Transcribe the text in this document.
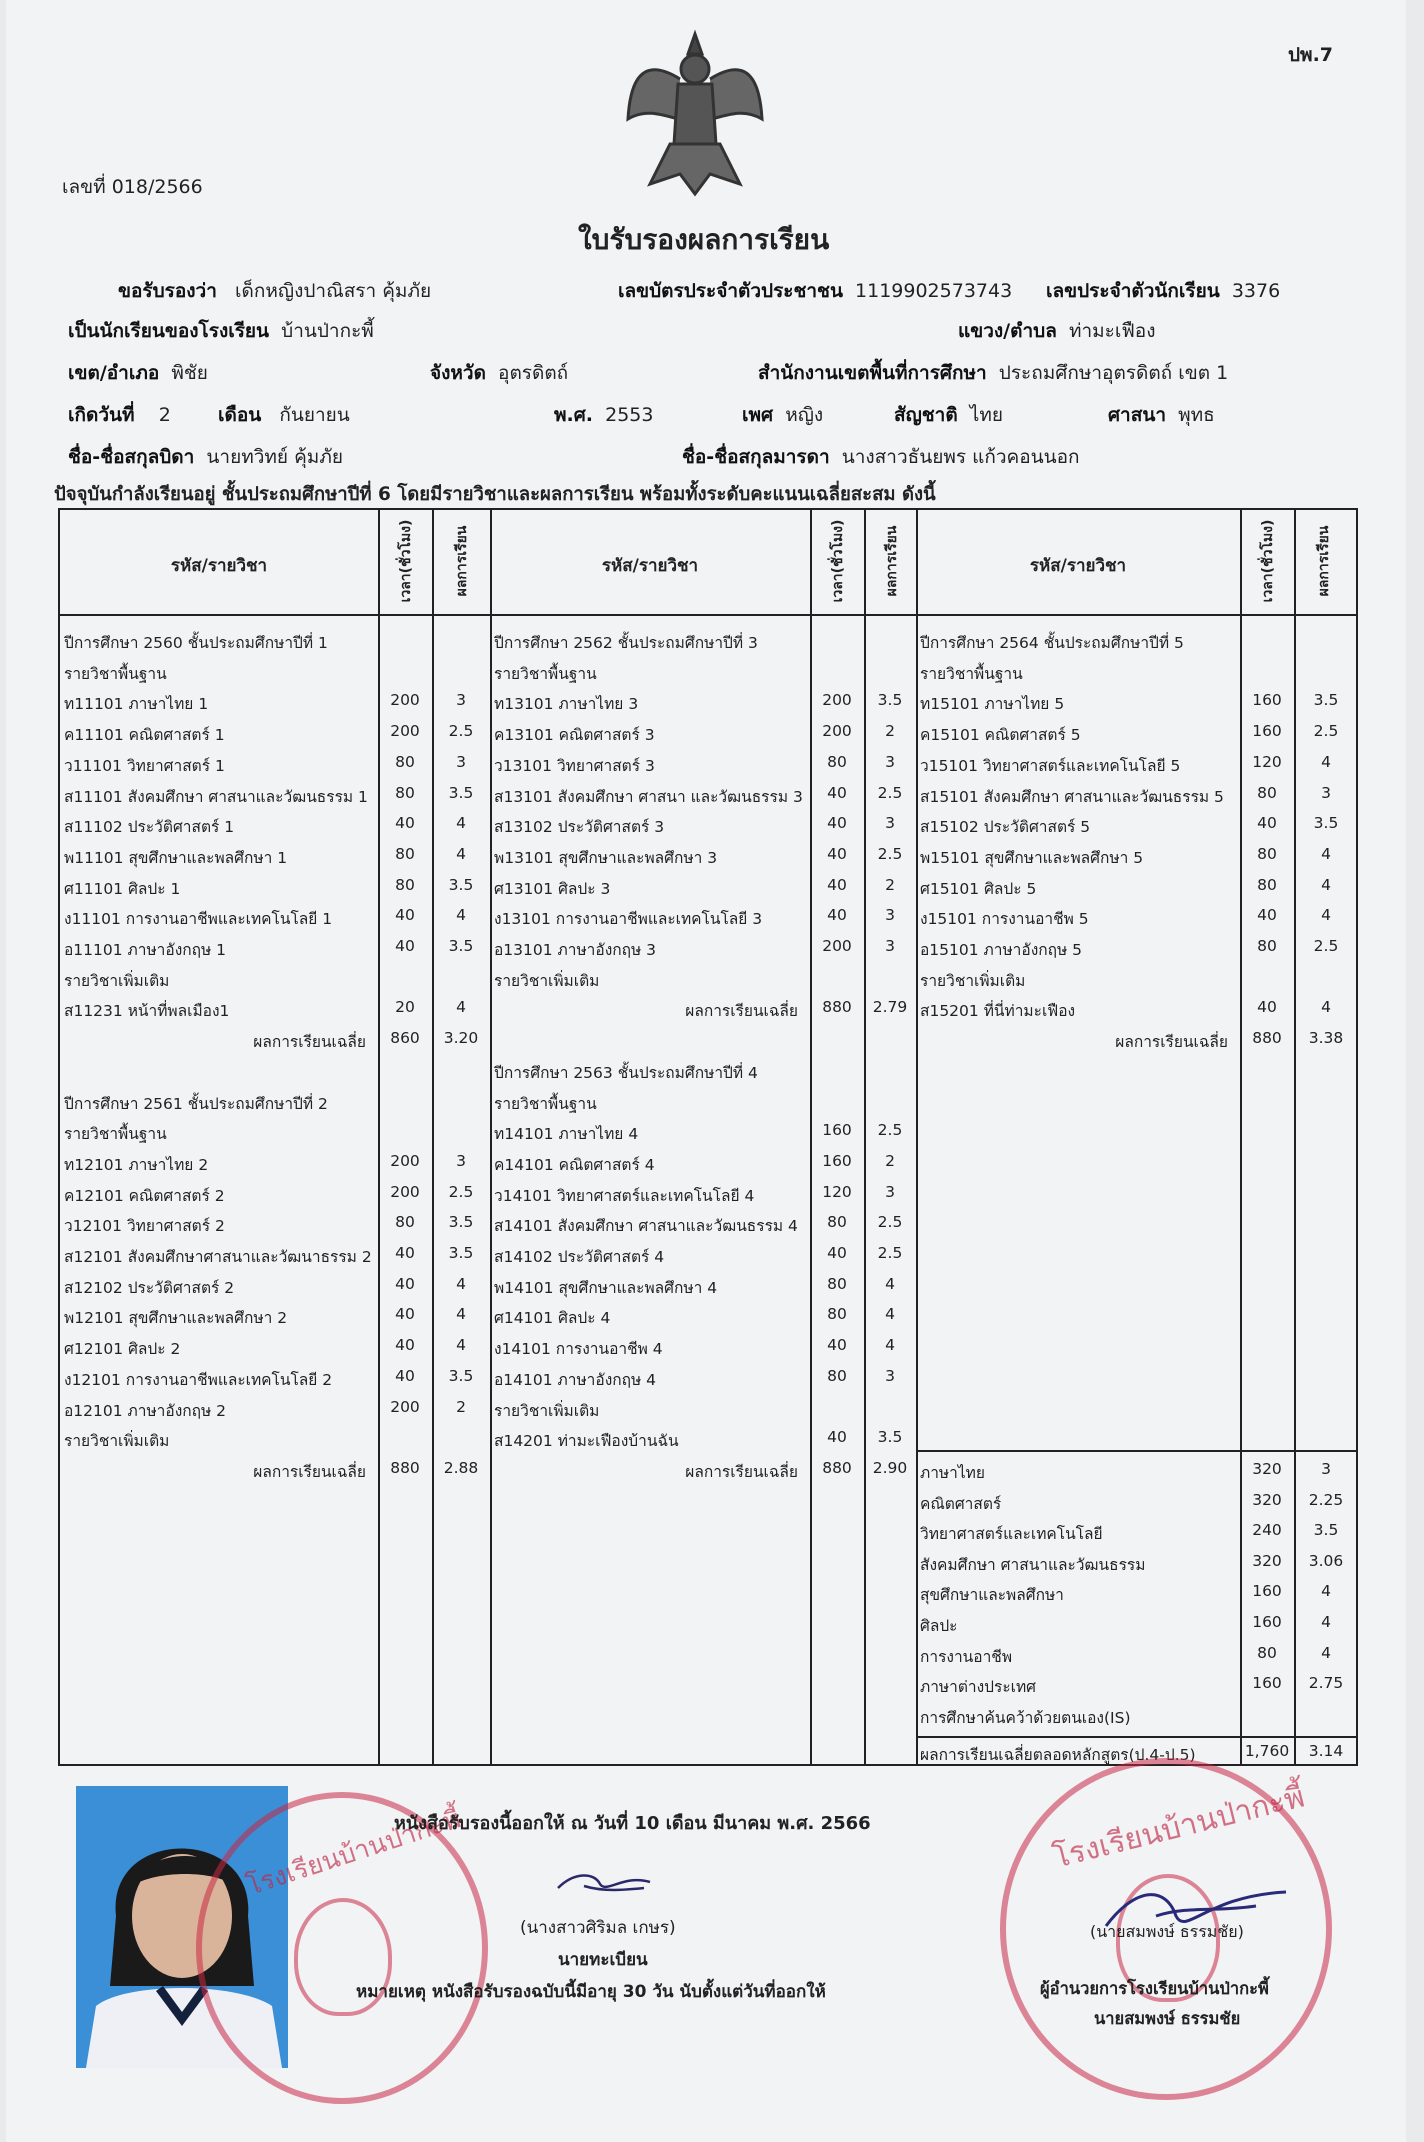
ปพ.7
เลขที่ 018/2566
ใบรับรองผลการเรียน
ขอรับรองว่า เด็กหญิงปาณิสรา คุ้มภัย	เลขบัตรประจำตัวประชาชน 1119902573743 เลขประจำตัวนักเรียน 3376
เป็นนักเรียนของโรงเรียน บ้านป่ากะพี้	แขวง/ตำบล ท่ามะเฟือง
เขต/อำเภอ พิชัย	จังหวัด อุตรดิตถ์	สำนักงานเขตพื้นที่การศึกษา ประถมศึกษาอุตรดิตถ์ เขต 1
เกิดวันที่ 2 เดือน กันยายน	พ.ศ. 2553	เพศ หญิง	สัญชาติ ไทย	ศาสนา พุทธ
ชื่อ-ชื่อสกุลบิดา นายทวิทย์ คุ้มภัย	ชื่อ-ชื่อสกุลมารดา นางสาวธันยพร แก้วคอนนอก
ปัจจุบันกำลังเรียนอยู่ ชั้นประถมศึกษาปีที่ 6 โดยมีรายวิชาและผลการเรียน พร้อมทั้งระดับคะแนนเฉลี่ยสะสม ดังนี้
รหัส/รายวิชา	รหัส/รายวิชา	รหัส/รายวิชา
เวลา(ชั่วโมง)	ผลการเรียน	เวลา(ชั่วโมง)	ผลการเรียน	เวลา(ชั่วโมง)	ผลการเรียน
ปีการศึกษา 2560 ชั้นประถมศึกษาปีที่ 1
รายวิชาพื้นฐาน
ท11101 ภาษาไทย 1	200	3
ค11101 คณิตศาสตร์ 1	200	2.5
ว11101 วิทยาศาสตร์ 1	80	3
ส11101 สังคมศึกษา ศาสนาและวัฒนธรรม 1	80	3.5
ส11102 ประวัติศาสตร์ 1	40	4
พ11101 สุขศึกษาและพลศึกษา 1	80	4
ศ11101 ศิลปะ 1	80	3.5
ง11101 การงานอาชีพและเทคโนโลยี 1	40	4
อ11101 ภาษาอังกฤษ 1	40	3.5
รายวิชาเพิ่มเติม
ส11231 หน้าที่พลเมือง1	20	4
ผลการเรียนเฉลี่ย	860	3.20
ปีการศึกษา 2561 ชั้นประถมศึกษาปีที่ 2
รายวิชาพื้นฐาน
ท12101 ภาษาไทย 2	200	3
ค12101 คณิตศาสตร์ 2	200	2.5
ว12101 วิทยาศาสตร์ 2	80	3.5
ส12101 สังคมศึกษาศาสนาและวัฒนาธรรม 2	40	3.5
ส12102 ประวัติศาสตร์ 2	40	4
พ12101 สุขศึกษาและพลศึกษา 2	40	4
ศ12101 ศิลปะ 2	40	4
ง12101 การงานอาชีพและเทคโนโลยี 2	40	3.5
อ12101 ภาษาอังกฤษ 2	200	2
รายวิชาเพิ่มเติม
ผลการเรียนเฉลี่ย	880	2.88
ปีการศึกษา 2562 ชั้นประถมศึกษาปีที่ 3
รายวิชาพื้นฐาน
ท13101 ภาษาไทย 3	200	3.5
ค13101 คณิตศาสตร์ 3	200	2
ว13101 วิทยาศาสตร์ 3	80	3
ส13101 สังคมศึกษา ศาสนา และวัฒนธรรม 3	40	2.5
ส13102 ประวัติศาสตร์ 3	40	3
พ13101 สุขศึกษาและพลศึกษา 3	40	2.5
ศ13101 ศิลปะ 3	40	2
ง13101 การงานอาชีพและเทคโนโลยี 3	40	3
อ13101 ภาษาอังกฤษ 3	200	3
รายวิชาเพิ่มเติม
ผลการเรียนเฉลี่ย	880	2.79
ปีการศึกษา 2563 ชั้นประถมศึกษาปีที่ 4
รายวิชาพื้นฐาน
ท14101 ภาษาไทย 4	160	2.5
ค14101 คณิตศาสตร์ 4	160	2
ว14101 วิทยาศาสตร์และเทคโนโลยี 4	120	3
ส14101 สังคมศึกษา ศาสนาและวัฒนธรรม 4	80	2.5
ส14102 ประวัติศาสตร์ 4	40	2.5
พ14101 สุขศึกษาและพลศึกษา 4	80	4
ศ14101 ศิลปะ 4	80	4
ง14101 การงานอาชีพ 4	40	4
อ14101 ภาษาอังกฤษ 4	80	3
รายวิชาเพิ่มเติม
ส14201 ท่ามะเฟืองบ้านฉัน	40	3.5
ผลการเรียนเฉลี่ย	880	2.90
ปีการศึกษา 2564 ชั้นประถมศึกษาปีที่ 5
รายวิชาพื้นฐาน
ท15101 ภาษาไทย 5	160	3.5
ค15101 คณิตศาสตร์ 5	160	2.5
ว15101 วิทยาศาสตร์และเทคโนโลยี 5	120	4
ส15101 สังคมศึกษา ศาสนาและวัฒนธรรม 5	80	3
ส15102 ประวัติศาสตร์ 5	40	3.5
พ15101 สุขศึกษาและพลศึกษา 5	80	4
ศ15101 ศิลปะ 5	80	4
ง15101 การงานอาชีพ 5	40	4
อ15101 ภาษาอังกฤษ 5	80	2.5
รายวิชาเพิ่มเติม
ส15201 ที่นี่ท่ามะเฟือง	40	4
ผลการเรียนเฉลี่ย	880	3.38
ภาษาไทย	320	3
คณิตศาสตร์	320	2.25
วิทยาศาสตร์และเทคโนโลยี	240	3.5
สังคมศึกษา ศาสนาและวัฒนธรรม	320	3.06
สุขศึกษาและพลศึกษา	160	4
ศิลปะ	160	4
การงานอาชีพ	80	4
ภาษาต่างประเทศ	160	2.75
การศึกษาค้นคว้าด้วยตนเอง(IS)
ผลการเรียนเฉลี่ยตลอดหลักสูตร(ป.4-ป.5)	1,760	3.14
โรงเรียนบ้านป่ากะพี้	โรงเรียนบ้านป่ากะพี้
หนังสือรับรองนี้ออกให้ ณ วันที่ 10 เดือน มีนาคม พ.ศ. 2566
(นางสาวศิริมล เกษร)
นายทะเบียน
หมายเหตุ หนังสือรับรองฉบับนี้มีอายุ 30 วัน นับตั้งแต่วันที่ออกให้
(นายสมพงษ์ ธรรมชัย)
ผู้อำนวยการโรงเรียนบ้านป่ากะพี้
นายสมพงษ์ ธรรมชัย
